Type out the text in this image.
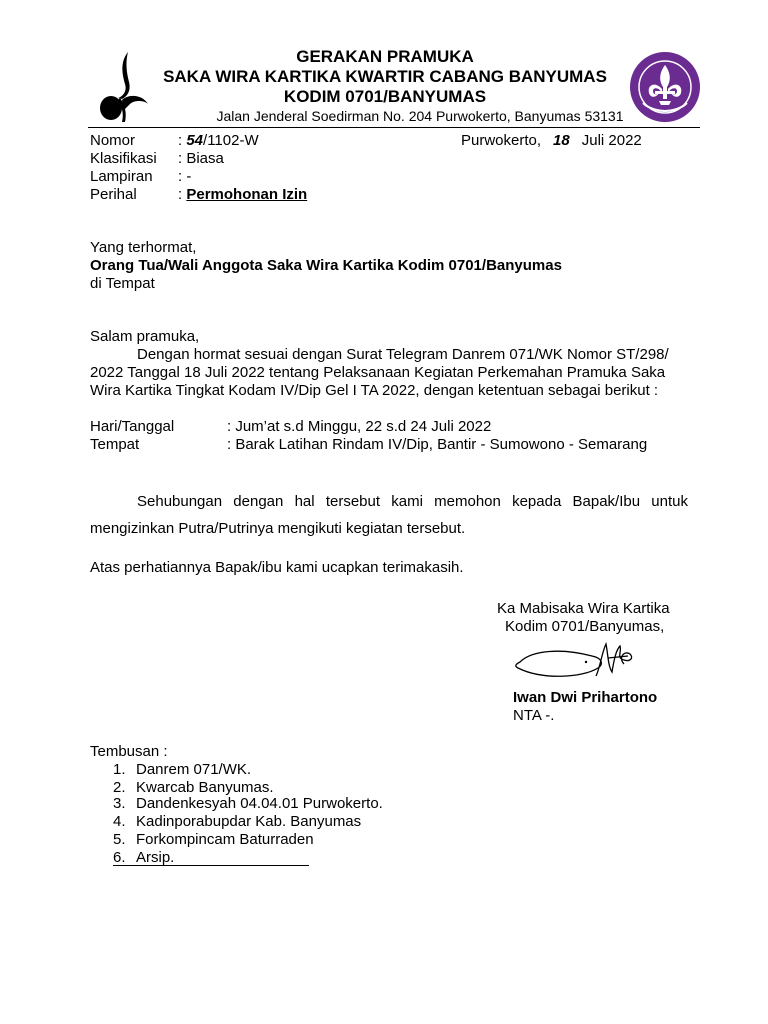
GERAKAN PRAMUKA
SAKA WIRA KARTIKA KWARTIR CABANG BANYUMAS
KODIM 0701/BANYUMAS
Jalan Jenderal Soedirman No. 204 Purwokerto, Banyumas 53131
Nomor	: 54/1102-W	Purwokerto, 18 Juli 2022
Klasifikasi : Biasa
Lampiran : -
Perihal	: Permohonan Izin
Yang terhormat,
Orang Tua/Wali Anggota Saka Wira Kartika Kodim 0701/Banyumas
di Tempat
Salam pramuka,
Dengan hormat sesuai dengan Surat Telegram Danrem 071/WK Nomor ST/298/
2022 Tanggal 18 Juli 2022 tentang Pelaksanaan Kegiatan Perkemahan Pramuka Saka
Wira Kartika Tingkat Kodam IV/Dip Gel I TA 2022, dengan ketentuan sebagai berikut :
Hari/Tanggal	: Jum’at s.d Minggu, 22 s.d 24 Juli 2022
Tempat	: Barak Latihan Rindam IV/Dip, Bantir - Sumowono - Semarang
Sehubungan dengan hal tersebut kami memohon kepada Bapak/Ibu untuk
mengizinkan Putra/Putrinya mengikuti kegiatan tersebut.
Atas perhatiannya Bapak/ibu kami ucapkan terimakasih.
Ka Mabisaka Wira Kartika
Kodim 0701/Banyumas,
Iwan Dwi Prihartono
NTA -.
Tembusan :
1. Danrem 071/WK.
2. Kwarcab Banyumas.
3. Dandenkesyah 04.04.01 Purwokerto.
4. Kadinporabupdar Kab. Banyumas
5. Forkompincam Baturraden
6. Arsip.
